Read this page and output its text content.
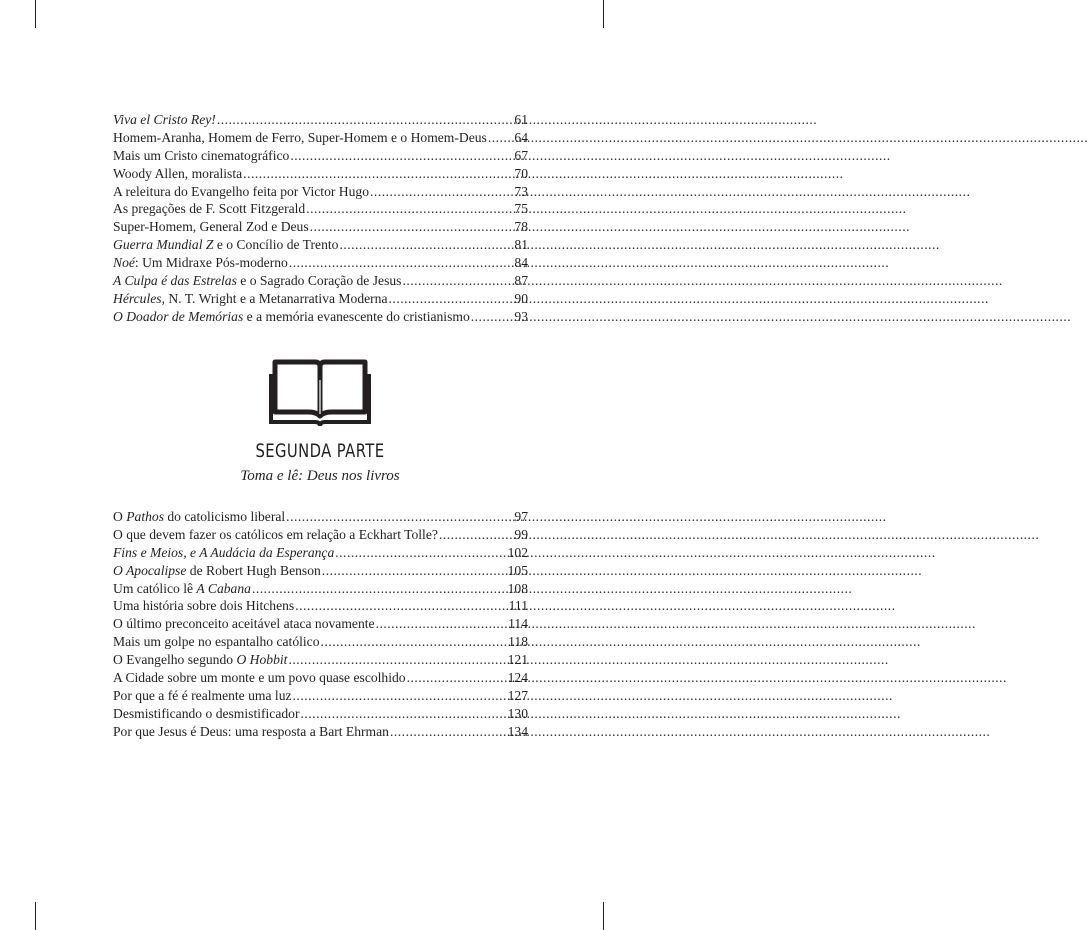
Viva el Cristo Rey! .....	61
Homem-Aranha, Homem de Ferro, Super-Homem e o Homem-Deus ..... 64
Mais um Cristo cinematográfico .....	67
Woody Allen, moralista .....	70
A releitura do Evangelho feita por Victor Hugo .....	73
As pregações de F. Scott Fitzgerald .....	75
Super-Homem, General Zod e Deus .....	78
Guerra Mundial Z e o Concílio de Trento .....	81
Noé: Um Midraxe Pós-moderno .....	84
A Culpa é das Estrelas e o Sagrado Coração de Jesus .....	87
Hércules, N. T. Wright e a Metanarrativa Moderna .....	90
O Doador de Memórias e a memória evanescente do cristianismo .....	93
SEGUNDA PARTE
Toma e lê: Deus nos livros
O Pathos do catolicismo liberal .....	97
O que devem fazer os católicos em relação a Eckhart Tolle? .....	99
Fins e Meios, e A Audácia da Esperança .....	102
O Apocalipse de Robert Hugh Benson .....	105
Um católico lê A Cabana .....	108
Uma história sobre dois Hitchens .....	111
O último preconceito aceitável ataca novamente .....	114
Mais um golpe no espantalho católico .....	118
O Evangelho segundo O Hobbit .....	121
A Cidade sobre um monte e um povo quase escolhido .....	124
Por que a fé é realmente uma luz .....	127
Desmistificando o desmistificador .....	130
Por que Jesus é Deus: uma resposta a Bart Ehrman .....	134
